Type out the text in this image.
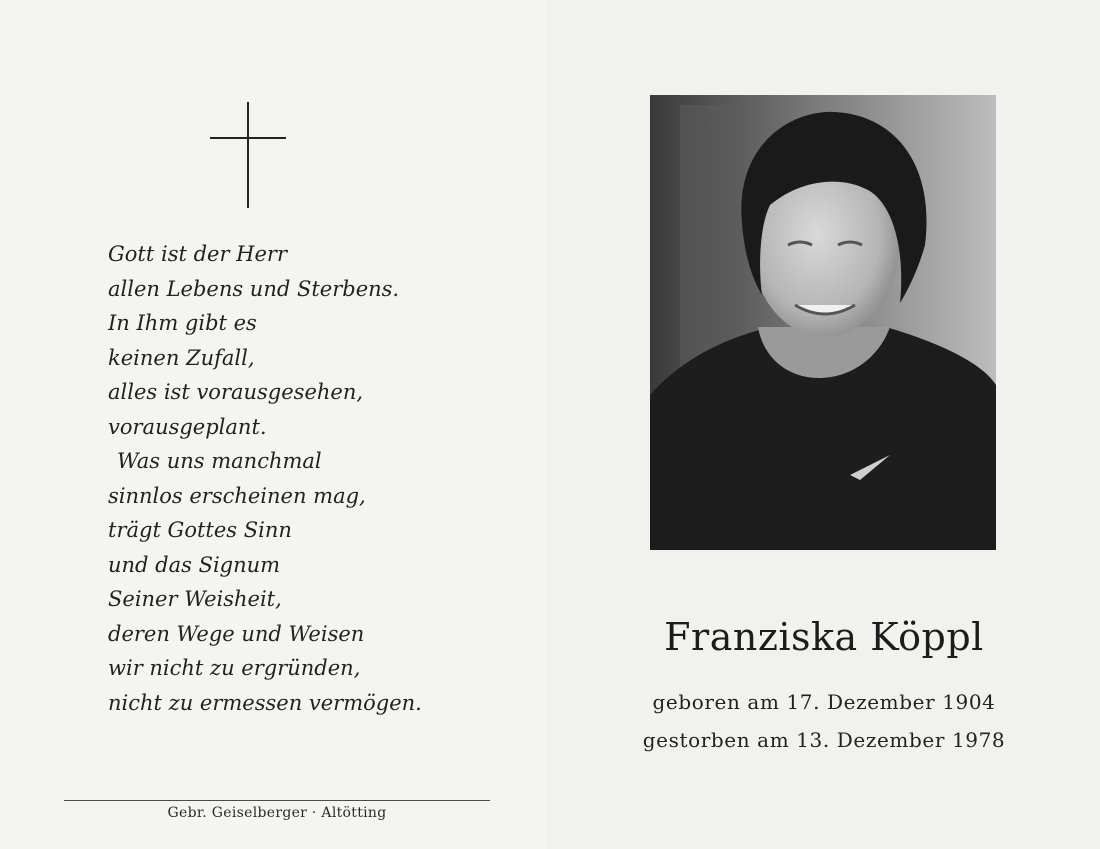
Gott ist der Herr
allen Lebens und Sterbens.
In Ihm gibt es
keinen Zufall,
alles ist vorausgesehen,
vorausgeplant.
Was uns manchmal
sinnlos erscheinen mag,
trägt Gottes Sinn
und das Signum
Seiner Weisheit,
deren Wege und Weisen
wir nicht zu ergründen,
nicht zu ermessen vermögen.
Gebr. Geiselberger · Altötting
Franziska Köppl
geboren am 17. Dezember 1904
gestorben am 13. Dezember 1978
